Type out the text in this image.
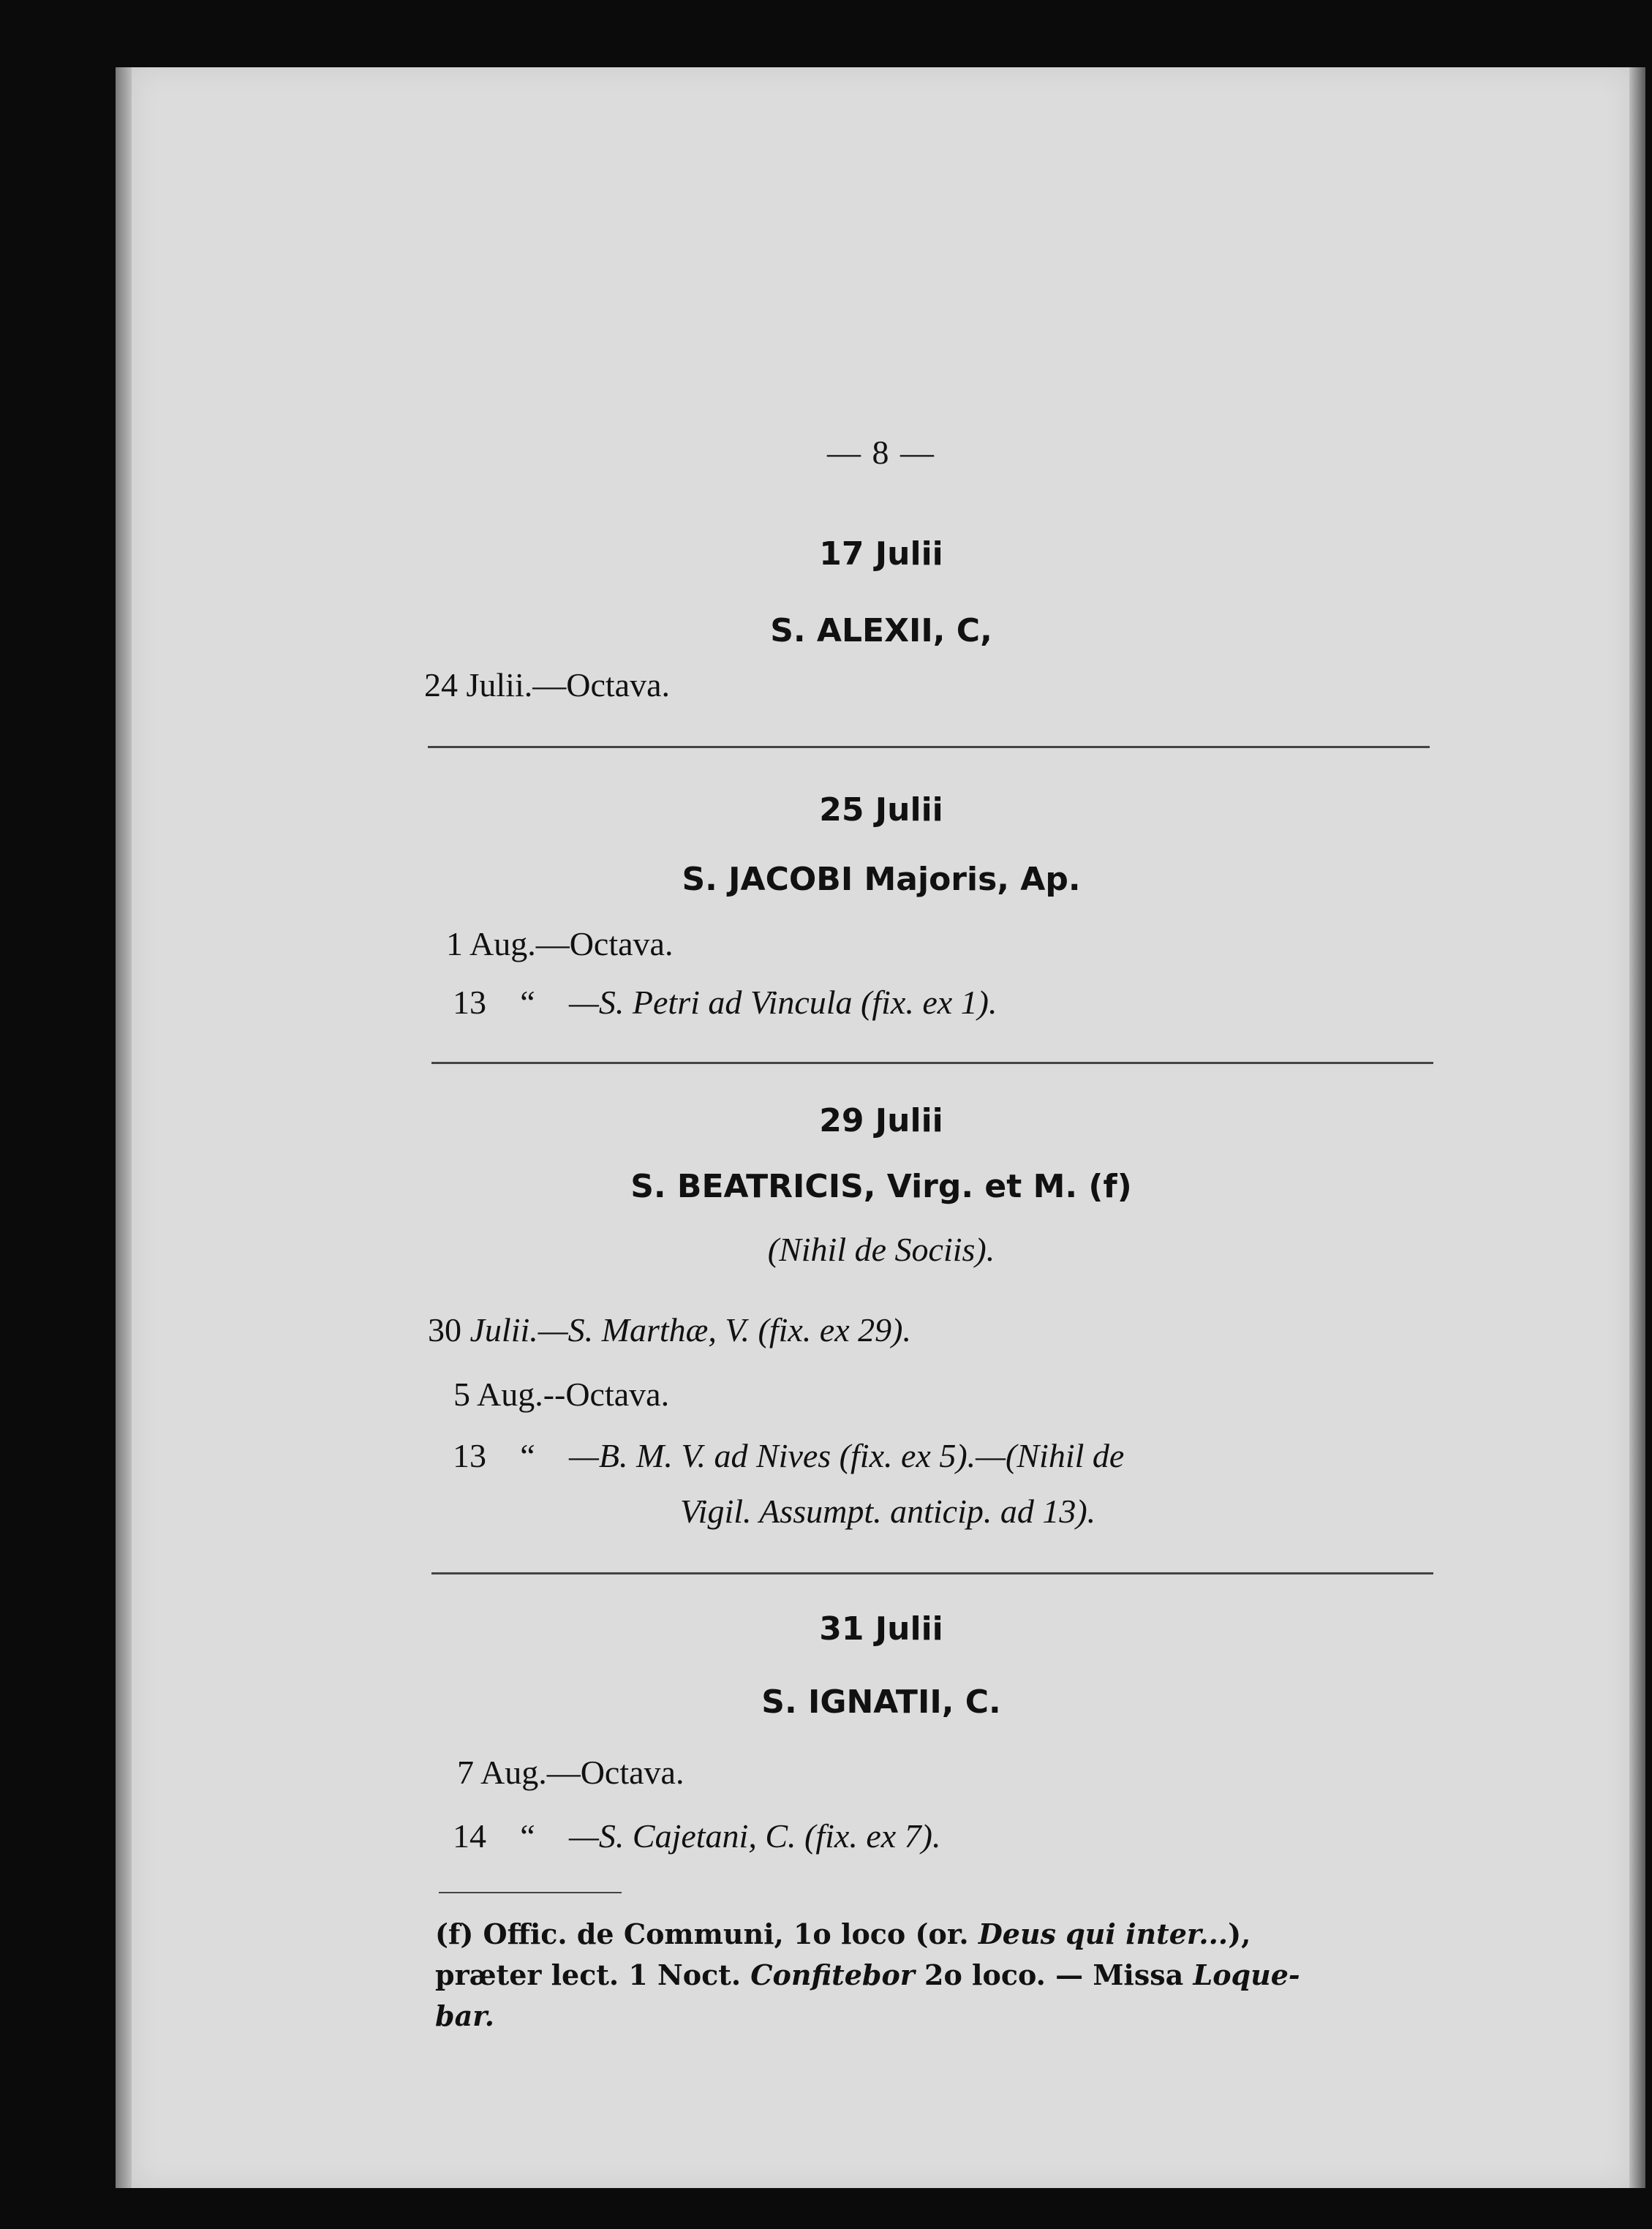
— 8 —
17 Julii
S. ALEXII, C,
24 Julii.—Octava.
25 Julii
S. JACOBI Majoris, Ap.
1 Aug.—Octava.
13 “ —S. Petri ad Vincula (fix. ex 1).
29 Julii
S. BEATRICIS, Virg. et M. (f)
(Nihil de Sociis).
30 Julii.—S. Marthæ, V. (fix. ex 29).
5 Aug.--Octava.
13 “ —B. M. V. ad Nives (fix. ex 5).—(Nihil de
Vigil. Assumpt. anticip. ad 13).
31 Julii
S. IGNATII, C.
7 Aug.—Octava.
14 “ —S. Cajetani, C. (fix. ex 7).
(f) Offic. de Communi, 1o loco (or. Deus qui inter...),
præter lect. 1 Noct. Confitebor 2o loco. — Missa Loque-
bar.
